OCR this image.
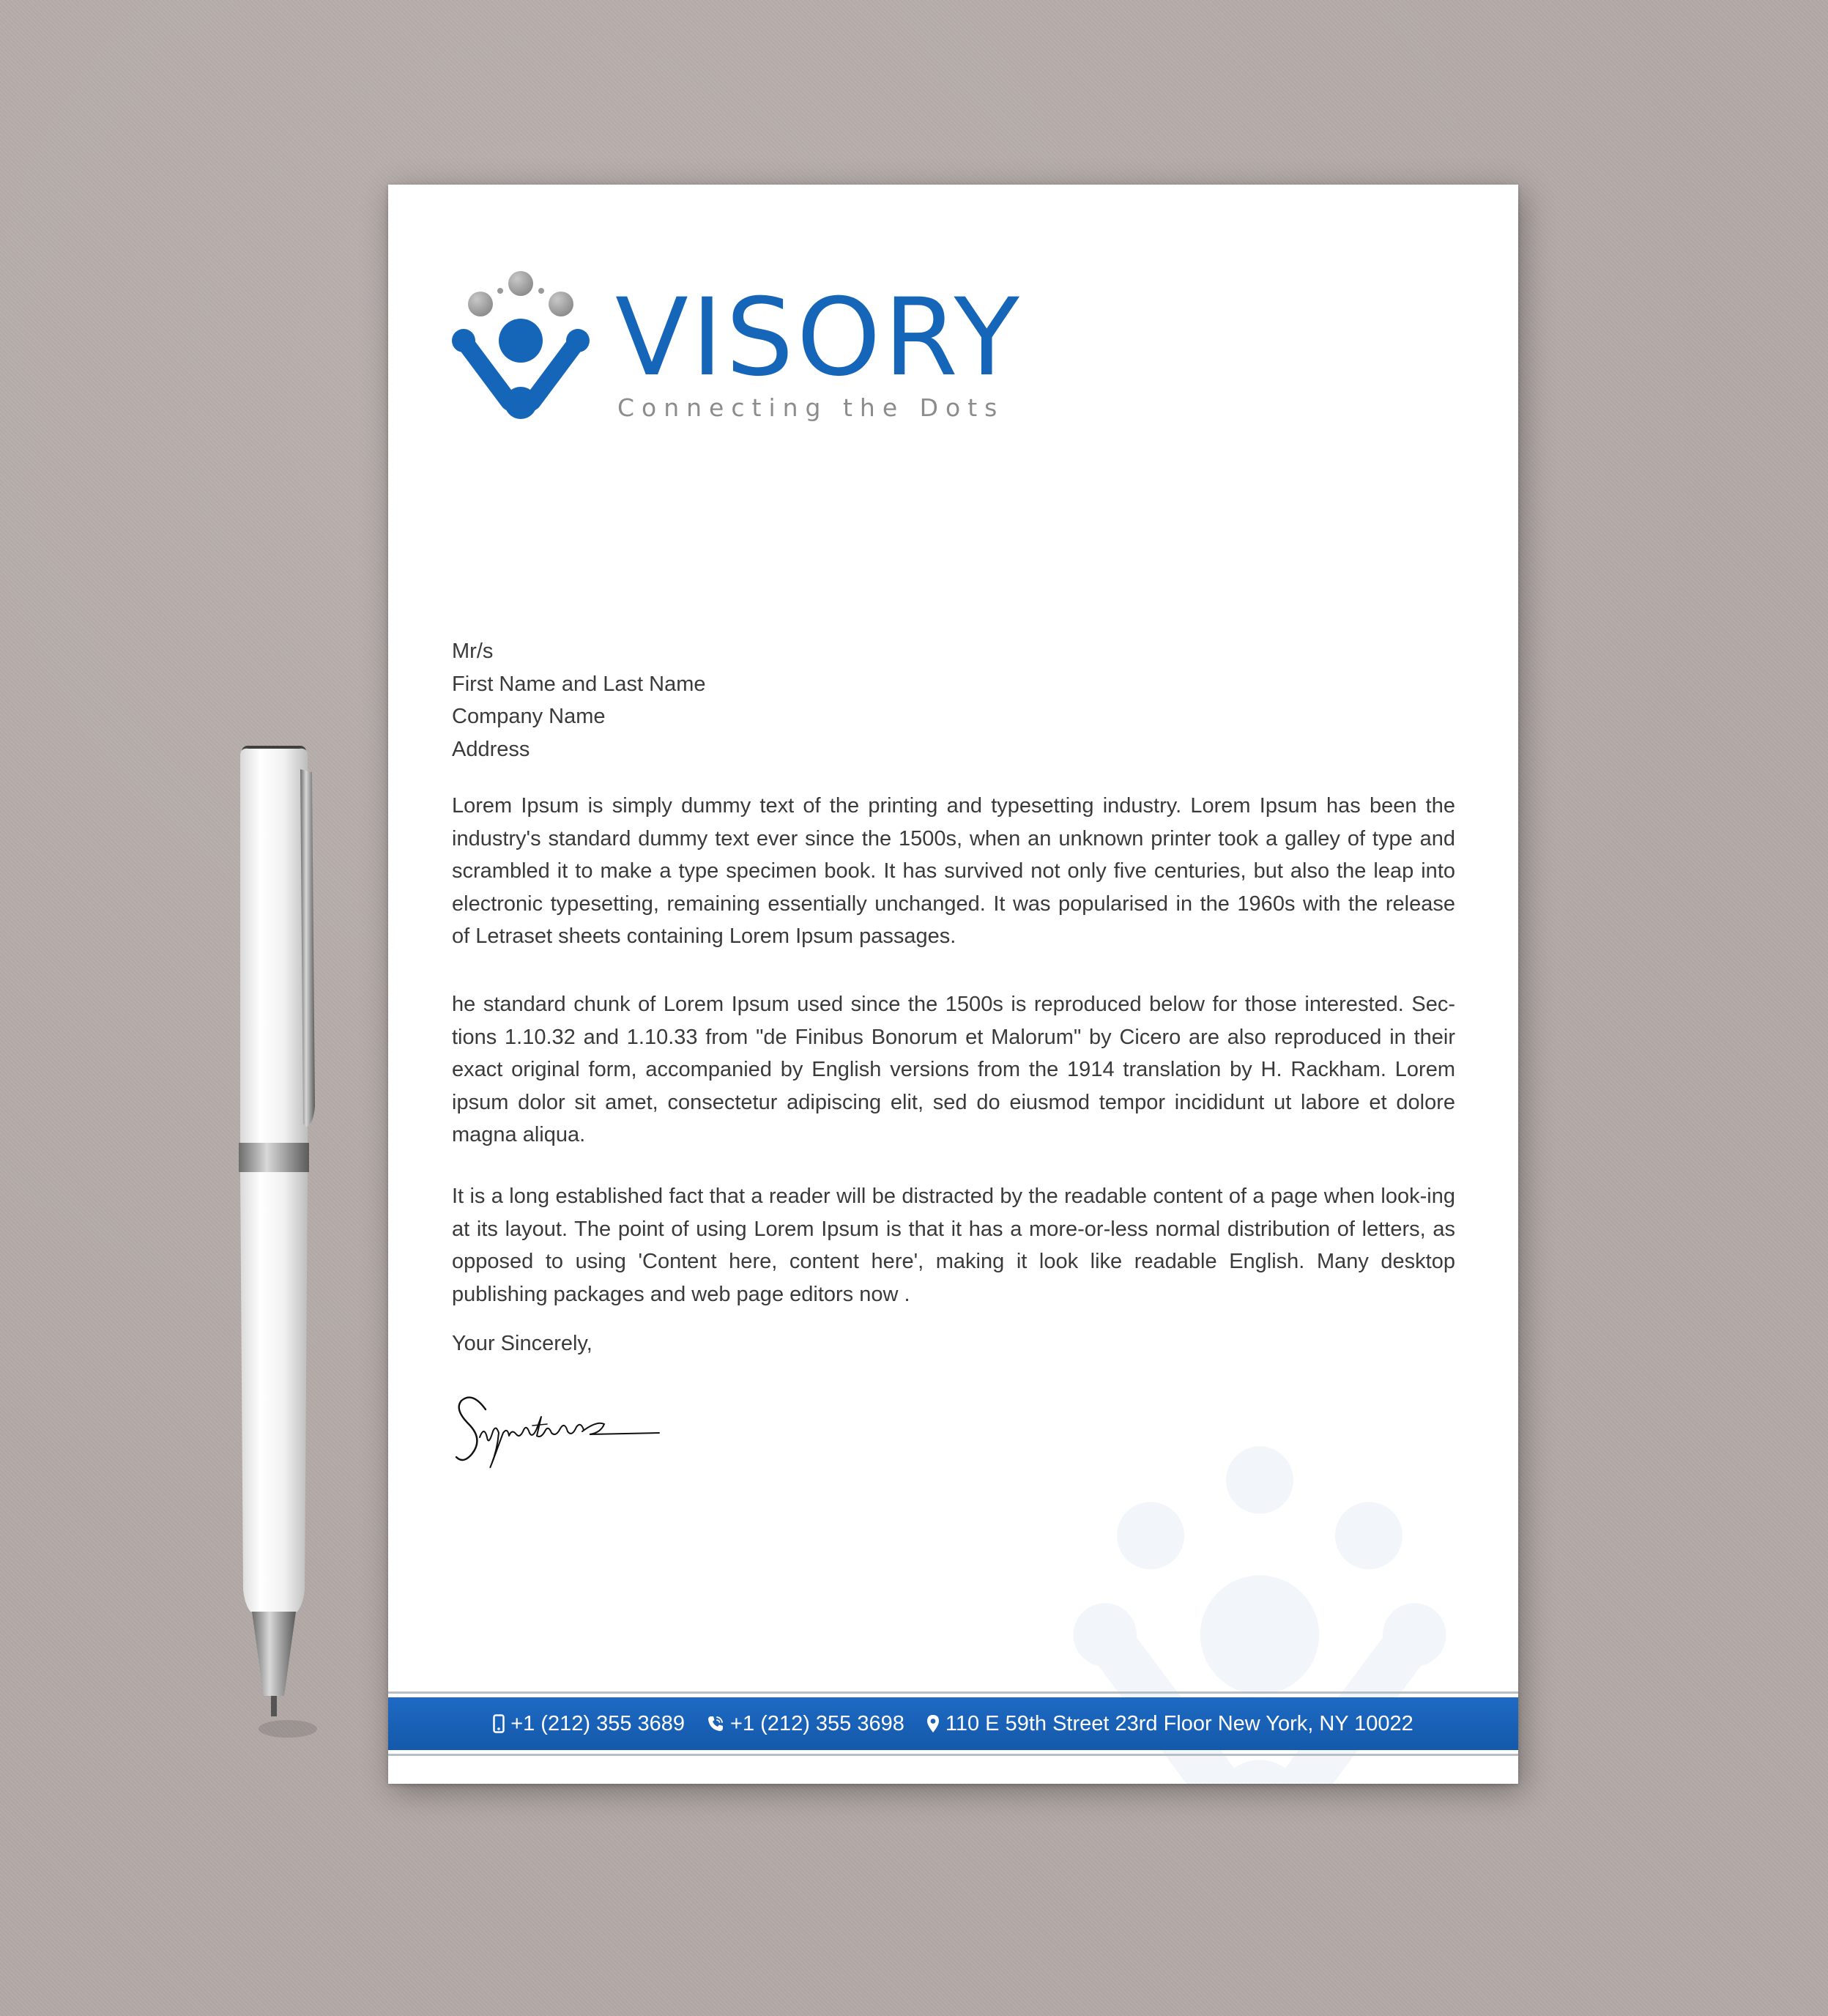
VISORY
Connecting the Dots
Mr/s
First Name and Last Name
Company Name
Address
Lorem Ipsum is simply dummy text of the printing and typesetting industry. Lorem Ipsum has been the industry's standard dummy text ever since the 1500s, when an unknown printer took a galley of type and scrambled it to make a type specimen book. It has survived not only five centuries, but also the leap into electronic typesetting, remaining essentially unchanged. It was popularised in the 1960s with the release of Letraset sheets containing Lorem Ipsum passages.
he standard chunk of Lorem Ipsum used since the 1500s is reproduced below for those interested. Sec-tions 1.10.32 and 1.10.33 from "de Finibus Bonorum et Malorum" by Cicero are also reproduced in their exact original form, accompanied by English versions from the 1914 translation by H. Rackham. Lorem ipsum dolor sit amet, consectetur adipiscing elit, sed do eiusmod tempor incididunt ut labore et dolore magna aliqua.
It is a long established fact that a reader will be distracted by the readable content of a page when look-ing at its layout. The point of using Lorem Ipsum is that it has a more-or-less normal distribution of letters, as opposed to using 'Content here, content here', making it look like readable English. Many desktop publishing packages and web page editors now .
Your Sincerely,
+1 (212) 355 3689 +1 (212) 355 3698 110 E 59th Street 23rd Floor New York, NY 10022
